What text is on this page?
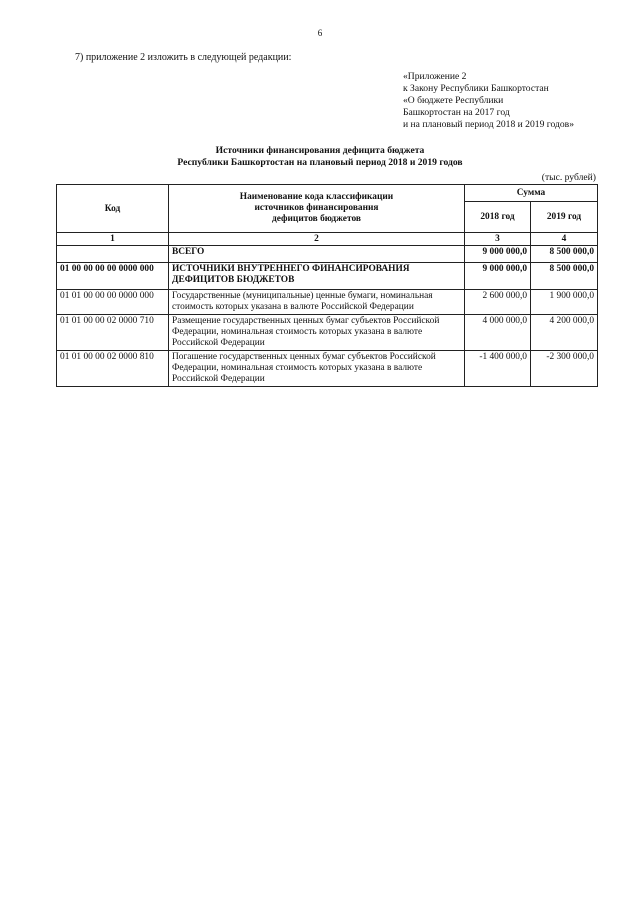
6
7) приложение 2 изложить в следующей редакции:
«Приложение 2
к Закону Республики Башкортостан
«О бюджете Республики
Башкортостан на 2017 год
и на плановый период 2018 и 2019 годов»
Источники финансирования дефицита бюджета
Республики Башкортостан на плановый период 2018 и 2019 годов
(тыс. рублей)
Код	Наименование кода классификации
источников финансирования
дефицитов бюджетов	Сумма	
		2018 год	2019 год
1	2	3	4
	ВСЕГО	9 000 000,0	8 500 000,0
01 00 00 00 00 0000 000	ИСТОЧНИКИ ВНУТРЕННЕГО ФИНАНСИРОВАНИЯ ДЕФИЦИТОВ БЮДЖЕТОВ	9 000 000,0	8 500 000,0
01 01 00 00 00 0000 000	Государственные (муниципальные) ценные бумаги, номинальная стоимость которых указана в валюте Российской Федерации	2 600 000,0	1 900 000,0
01 01 00 00 02 0000 710	Размещение государственных ценных бумаг субъектов Российской Федерации, номинальная стоимость которых указана в валюте Российской Федерации	4 000 000,0	4 200 000,0
01 01 00 00 02 0000 810	Погашение государственных ценных бумаг субъектов Российской Федерации, номинальная стоимость которых указана в валюте Российской Федерации	-1 400 000,0	-2 300 000,0
